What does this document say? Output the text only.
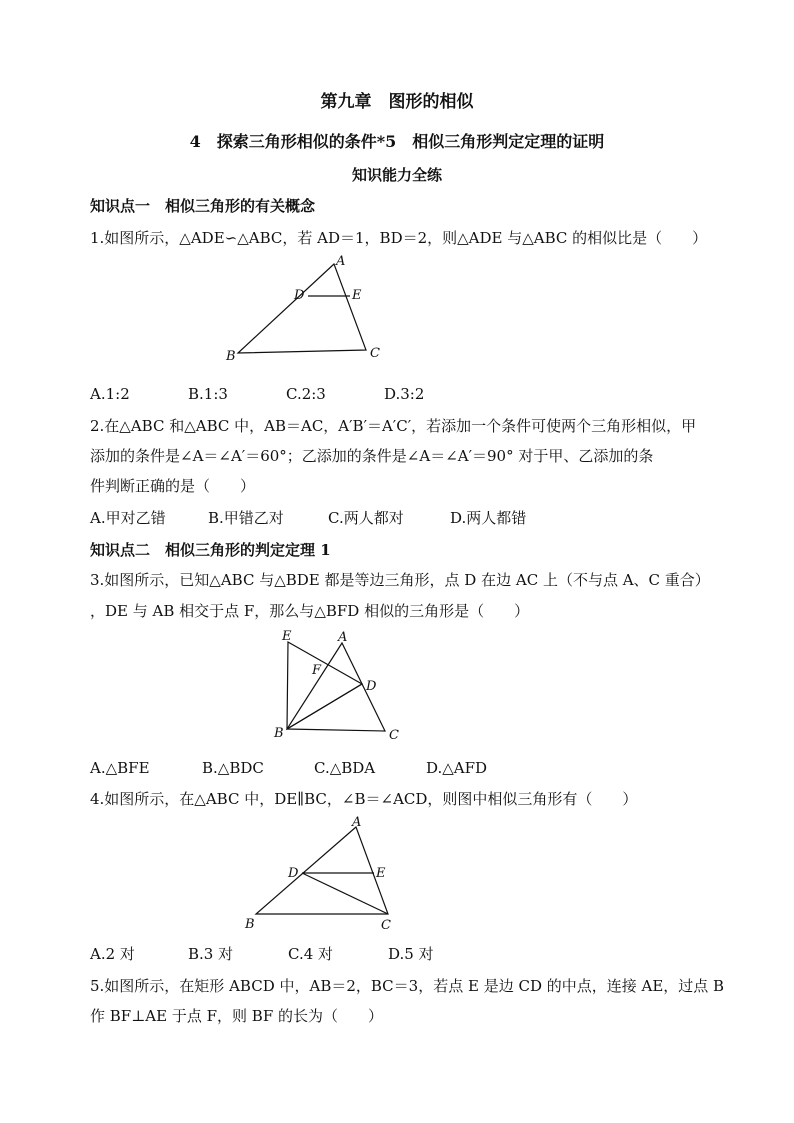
第九章　图形的相似
4　探索三角形相似的条件*5　相似三角形判定定理的证明
知识能力全练
知识点一　相似三角形的有关概念
1.如图所示，△ADE∽△ABC，若 AD＝1，BD＝2，则△ADE 与△ABC 的相似比是（　　）
A
D	E
B	C
A.1:2	B.1:3	C.2:3	D.3:2
2.在△ABC 和△ABC 中，AB＝AC，A′B′＝A′C′，若添加一个条件可使两个三角形相似，甲
添加的条件是∠A＝∠A′＝60°；乙添加的条件是∠A＝∠A′＝90° 对于甲、乙添加的条
件判断正确的是（　　）
A.甲对乙错	B.甲错乙对	C.两人都对	D.两人都错
知识点二　相似三角形的判定定理 1
3.如图所示，已知△ABC 与△BDE 都是等边三角形，点 D 在边 AC 上（不与点 A、C 重合）
，DE 与 AB 相交于点 F，那么与△BFD 相似的三角形是（　　）
E	A
F
D
B	C
A.△BFE	B.△BDC	C.△BDA	D.△AFD
4.如图所示，在△ABC 中，DE∥BC，∠B＝∠ACD，则图中相似三角形有（　　）
A
D	E
B	C
A.2 对	B.3 对	C.4 对	D.5 对
5.如图所示，在矩形 ABCD 中，AB＝2，BC＝3，若点 E 是边 CD 的中点，连接 AE，过点 B
作 BF⊥AE 于点 F，则 BF 的长为（　　）
